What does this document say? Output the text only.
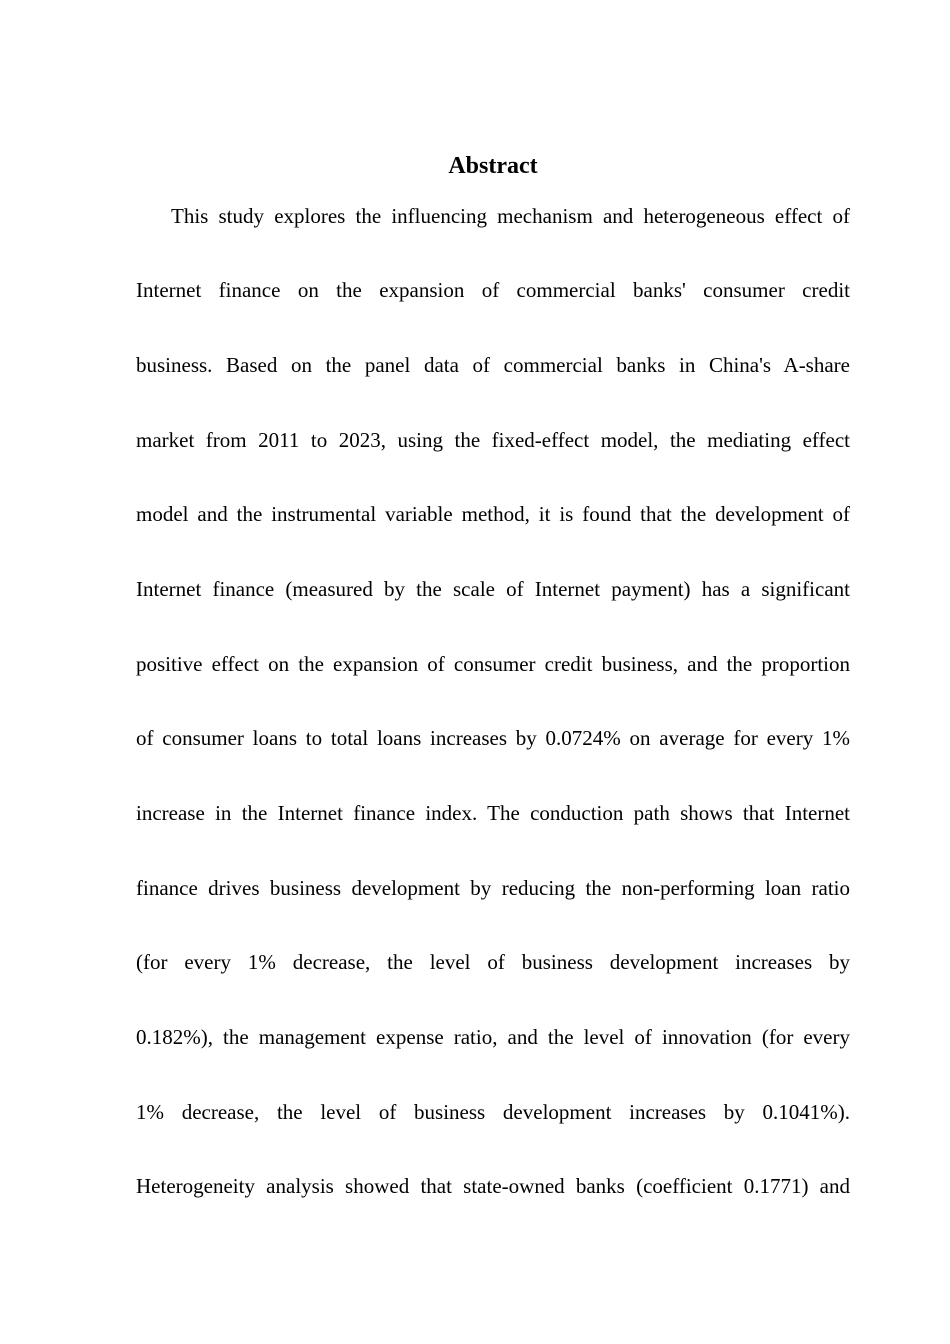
Abstract
This study explores the influencing mechanism and heterogeneous effect of
Internet finance on the expansion of commercial banks' consumer credit
business. Based on the panel data of commercial banks in China's A-share
market from 2011 to 2023, using the fixed-effect model, the mediating effect
model and the instrumental variable method, it is found that the development of
Internet finance (measured by the scale of Internet payment) has a significant
positive effect on the expansion of consumer credit business, and the proportion
of consumer loans to total loans increases by 0.0724% on average for every 1%
increase in the Internet finance index. The conduction path shows that Internet
finance drives business development by reducing the non-performing loan ratio
(for every 1% decrease, the level of business development increases by
0.182%), the management expense ratio, and the level of innovation (for every
1% decrease, the level of business development increases by 0.1041%).
Heterogeneity analysis showed that state-owned banks (coefficient 0.1771) and
